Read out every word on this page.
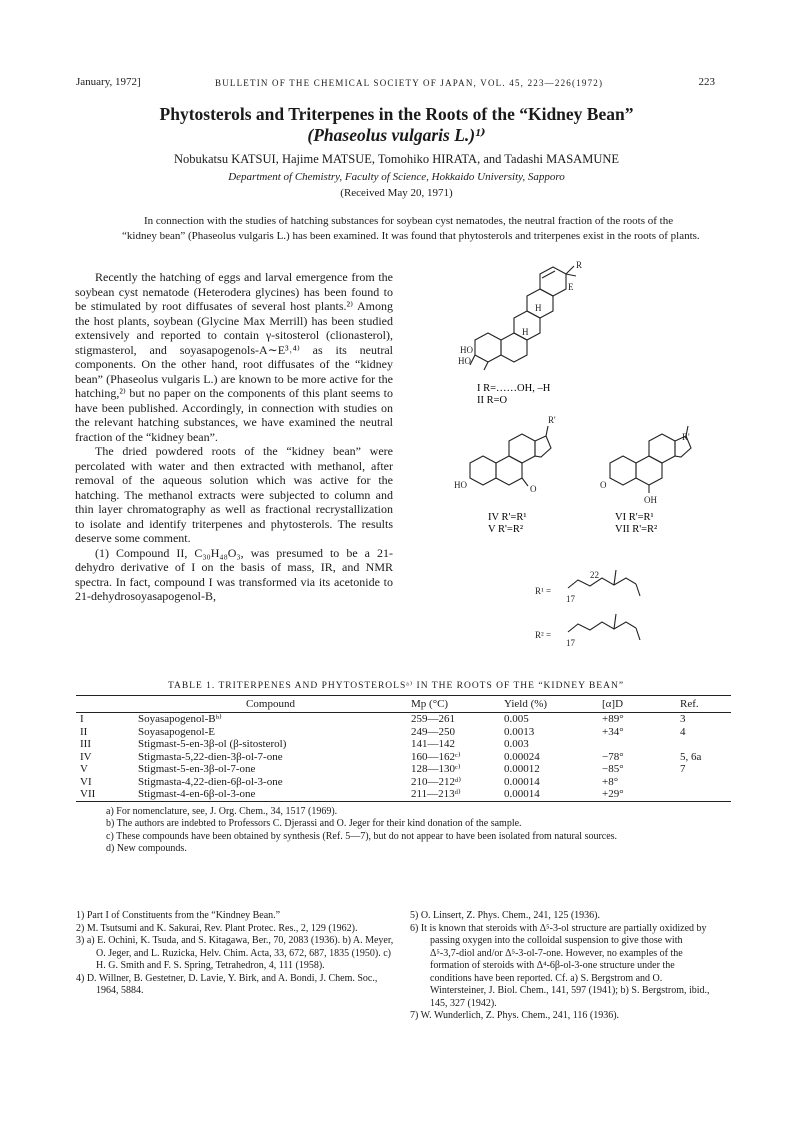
January, 1972]	BULLETIN OF THE CHEMICAL SOCIETY OF JAPAN, VOL. 45, 223—226(1972)	223
Phytosterols and Triterpenes in the Roots of the “Kidney Bean”
(Phaseolus vulgaris L.)¹⁾
Nobukatsu KATSUI, Hajime MATSUE, Tomohiko HIRATA, and Tadashi MASAMUNE
Department of Chemistry, Faculty of Science, Hokkaido University, Sapporo
(Received May 20, 1971)

In connection with the studies of hatching substances for soybean cyst nematodes, the neutral fraction of the roots of the “kidney bean” (Phaseolus vulgaris L.) has been examined. It was found that phytosterols and triterpenes exist in the roots of plants.

Recently the hatching of eggs and larval emergence from the soybean cyst nematode (Heterodera glycines) has been found to be stimulated by root diffusates of several host plants.²⁾ Among the host plants, soybean (Glycine Max Merrill) has been studied extensively and reported to contain γ-sitosterol (clionasterol), stigmasterol, and soyasapogenols-A∼E³˒⁴⁾ as its neutral components. On the other hand, root diffusates of the “kidney bean” (Phaseolus vulgaris L.) are known to be more active for the hatching,²⁾ but no paper on the components of this plant seems to have been published. Accordingly, in connection with studies on the relevant hatching substances, we have examined the neutral fraction of the “kidney bean”.

The dried powdered roots of the “kidney bean” were percolated with water and then extracted with methanol, after removal of the aqueous solution which was active for the hatching. The methanol extracts were subjected to column and thin layer chromatography as well as fractional recrystallization to isolate and identify triterpenes and phytosterols. The results deserve some comment.

(1) Compound II, C₃₀H₄₈O₃, was presumed to be a 21-dehydro derivative of I on the basis of mass, IR, and NMR spectra. In fact, compound I was transformed via its acetonide to 21-dehydrosoyasapogenol-B,

E
R
HO
HO
H
H
I R=……OH, –H
II R=O
HO	O
R'
IV R'=R¹
V R'=R²
O
OH
R'
VI R'=R¹
VII R'=R²
R¹ =
17
22
R² =
17

TABLE 1. TRITERPENES AND PHYTOSTEROLSᵃ⁾ IN THE ROOTS OF THE “KIDNEY BEAN”

	Compound	Mp (°C)	Yield (%)	[α]D	Ref.
I	Soyasapogenol-Bᵇ⁾	259—261	0.005	+89°	3
II	Soyasapogenol-E	249—250	0.0013	+34°	4
III	Stigmast-5-en-3β-ol (β-sitosterol)	141—142	0.003		
IV	Stigmasta-5,22-dien-3β-ol-7-one	160—162ᶜ⁾	0.00024	−78°	5, 6a
V	Stigmast-5-en-3β-ol-7-one	128—130ᶜ⁾	0.00012	−85°	7
VI	Stigmasta-4,22-dien-6β-ol-3-one	210—212ᵈ⁾	0.00014	+8°	
VII	Stigmast-4-en-6β-ol-3-one	211—213ᵈ⁾	0.00014	+29°	
a) For nomenclature, see, J. Org. Chem., 34, 1517 (1969).
b) The authors are indebted to Professors C. Djerassi and O. Jeger for their kind donation of the sample.
c) These compounds have been obtained by synthesis (Ref. 5—7), but do not appear to have been isolated from natural sources.
d) New compounds.

1) Part I of Constituents from the “Kindney Bean.”

2) M. Tsutsumi and K. Sakurai, Rev. Plant Protec. Res., 2, 129 (1962).

3) a) E. Ochini, K. Tsuda, and S. Kitagawa, Ber., 70, 2083 (1936). b) A. Meyer, O. Jeger, and L. Ruzicka, Helv. Chim. Acta, 33, 672, 687, 1835 (1950). c) H. G. Smith and F. S. Spring, Tetrahedron, 4, 111 (1958).

4) D. Willner, B. Gestetner, D. Lavie, Y. Birk, and A. Bondi, J. Chem. Soc., 1964, 5884.

5) O. Linsert, Z. Phys. Chem., 241, 125 (1936).

6) It is known that steroids with Δ⁵-3-ol structure are partially oxidized by passing oxygen into the colloidal suspension to give those with Δ⁵-3,7-diol and/or Δ⁵-3-ol-7-one. However, no examples of the formation of steroids with Δ⁴-6β-ol-3-one structure under the conditions have been reported. Cf. a) S. Bergstrom and O. Wintersteiner, J. Biol. Chem., 141, 597 (1941); b) S. Bergstrom, ibid., 145, 327 (1942).

7) W. Wunderlich, Z. Phys. Chem., 241, 116 (1936).
